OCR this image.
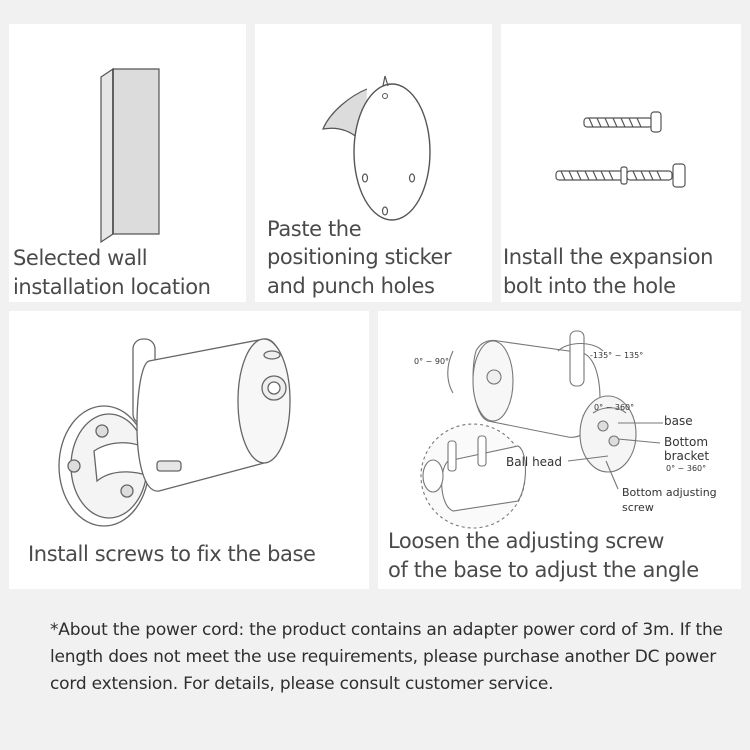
Selected wall
installation location
Paste the
positioning sticker
and punch holes
Install the expansion
bolt into the hole
Install screws to fix the base
0° ~ 90°
-135° ~ 135°
0° ~ 360°
base
Bottom
bracket
0° ~ 360°
Ball head
Bottom adjusting
screw
Loosen the adjusting screw
of the base to adjust the angle
*About the power cord: the product contains an adapter power cord of 3m. If the length does not meet the use requirements, please purchase another DC power cord extension. For details, please consult customer service.
